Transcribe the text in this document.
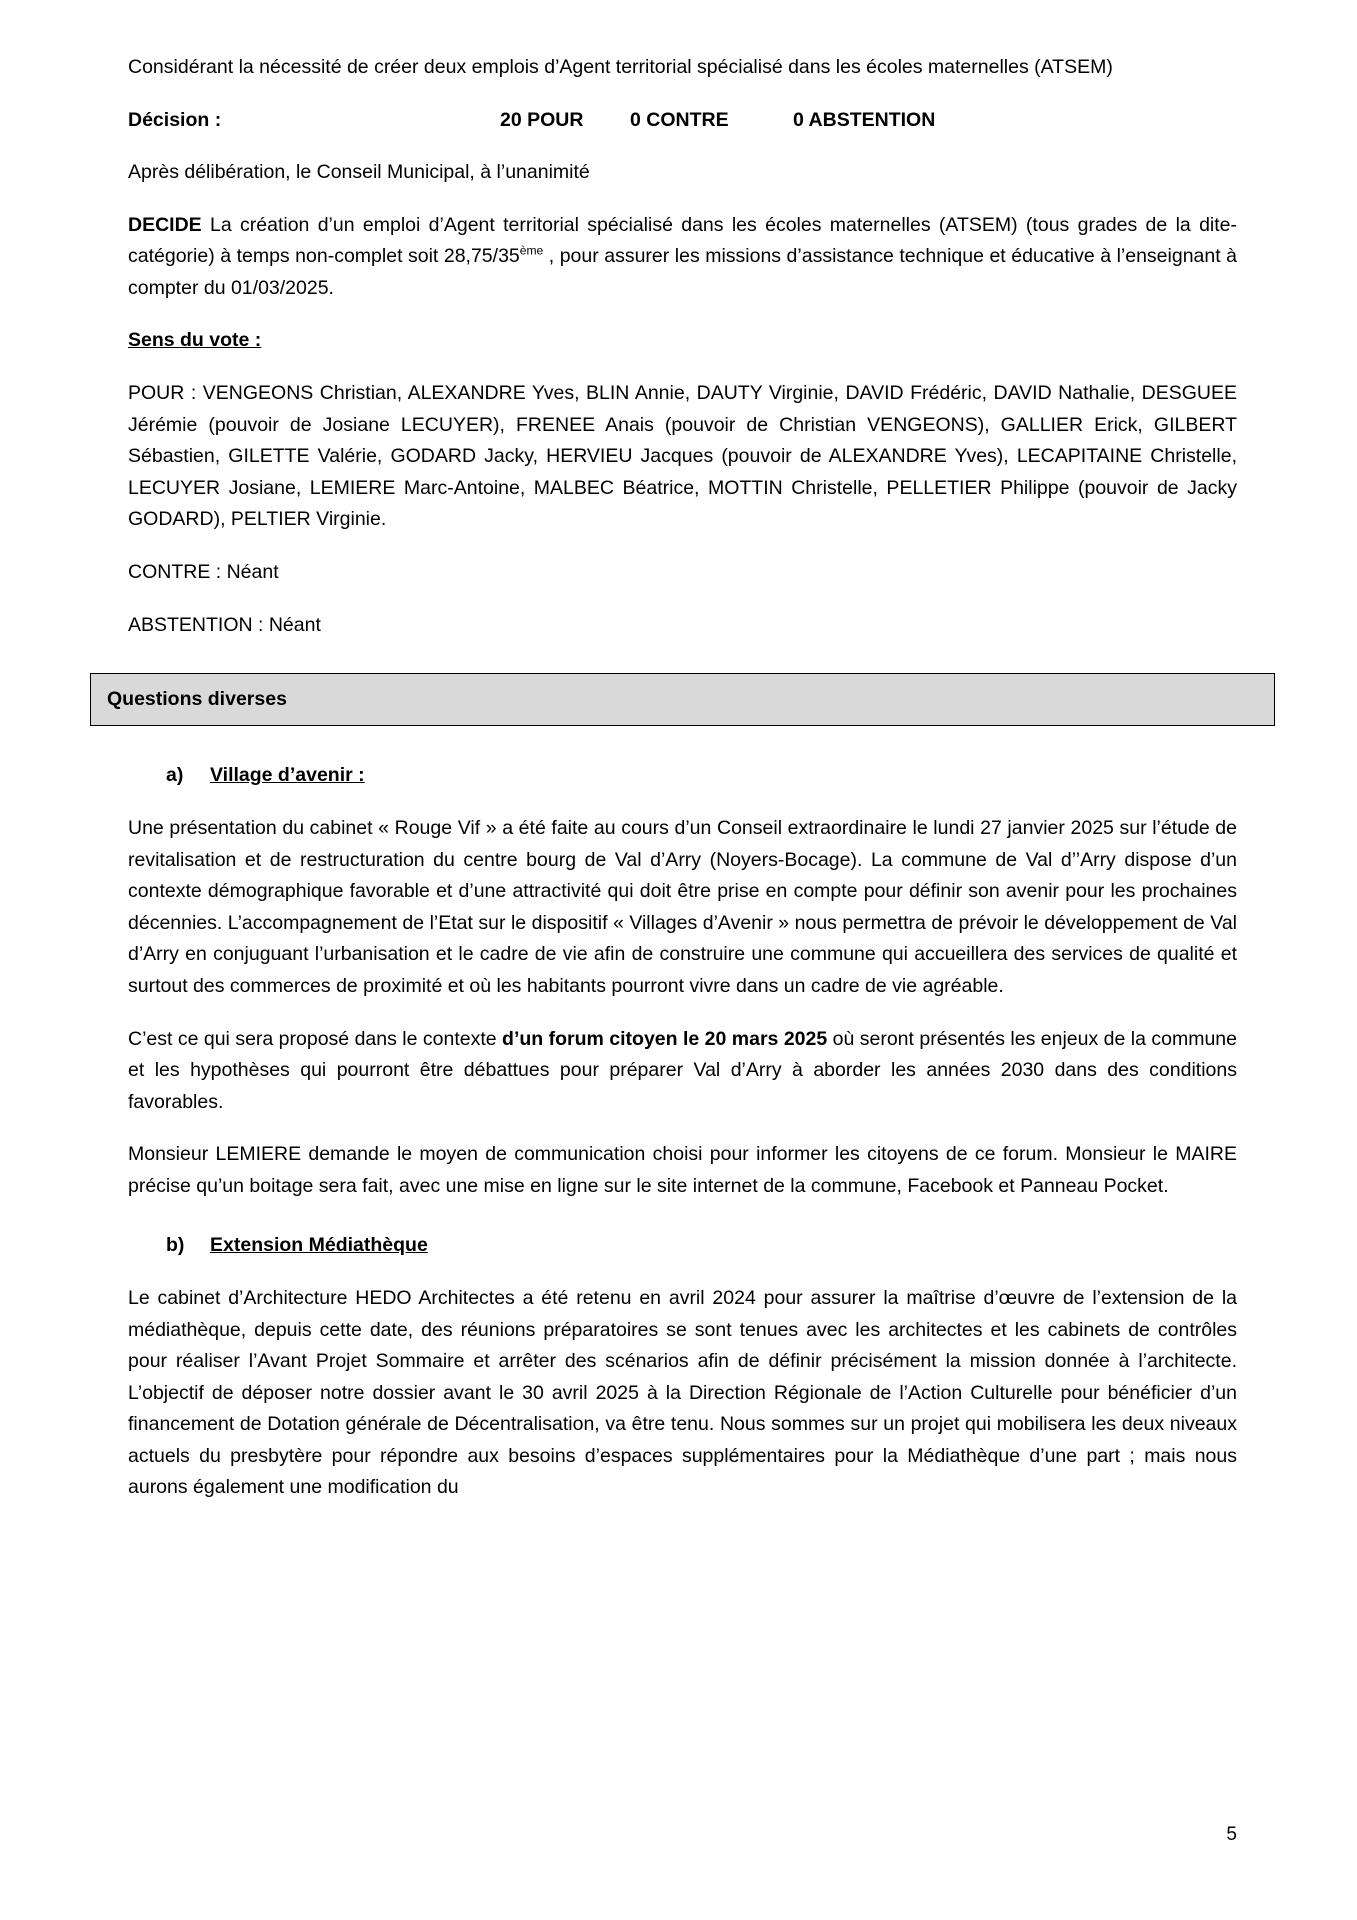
Considérant la nécessité de créer deux emplois d’Agent territorial spécialisé dans les écoles maternelles (ATSEM)

Décision :	20 POUR	0 CONTRE	0 ABSTENTION

Après délibération, le Conseil Municipal, à l’unanimité

DECIDE La création d’un emploi d’Agent territorial spécialisé dans les écoles maternelles (ATSEM) (tous grades de la dite-catégorie) à temps non-complet soit 28,75/35ème , pour assurer les missions d’assistance technique et éducative à l’enseignant à compter du 01/03/2025.

Sens du vote :

POUR : VENGEONS Christian, ALEXANDRE Yves, BLIN Annie, DAUTY Virginie, DAVID Frédéric, DAVID Nathalie, DESGUEE Jérémie (pouvoir de Josiane LECUYER), FRENEE Anais (pouvoir de Christian VENGEONS), GALLIER Erick, GILBERT Sébastien, GILETTE Valérie, GODARD Jacky, HERVIEU Jacques (pouvoir de ALEXANDRE Yves), LECAPITAINE Christelle, LECUYER Josiane, LEMIERE Marc-Antoine, MALBEC Béatrice, MOTTIN Christelle, PELLETIER Philippe (pouvoir de Jacky GODARD), PELTIER Virginie.

CONTRE : Néant

ABSTENTION : Néant

Questions diverses
a)	Village d’avenir :

Une présentation du cabinet « Rouge Vif » a été faite au cours d’un Conseil extraordinaire le lundi 27 janvier 2025 sur l’étude de revitalisation et de restructuration du centre bourg de Val d’Arry (Noyers-Bocage). La commune de Val d’’Arry dispose d’un contexte démographique favorable et d’une attractivité qui doit être prise en compte pour définir son avenir pour les prochaines décennies. L’accompagnement de l’Etat sur le dispositif « Villages d’Avenir » nous permettra de prévoir le développement de Val d’Arry en conjuguant l’urbanisation et le cadre de vie afin de construire une commune qui accueillera des services de qualité et surtout des commerces de proximité et où les habitants pourront vivre dans un cadre de vie agréable.

C’est ce qui sera proposé dans le contexte d’un forum citoyen le 20 mars 2025 où seront présentés les enjeux de la commune et les hypothèses qui pourront être débattues pour préparer Val d’Arry à aborder les années 2030 dans des conditions favorables.

Monsieur LEMIERE demande le moyen de communication choisi pour informer les citoyens de ce forum. Monsieur le MAIRE précise qu’un boitage sera fait, avec une mise en ligne sur le site internet de la commune, Facebook et Panneau Pocket.

b)	Extension Médiathèque

Le cabinet d’Architecture HEDO Architectes a été retenu en avril 2024 pour assurer la maîtrise d’œuvre de l’extension de la médiathèque, depuis cette date, des réunions préparatoires se sont tenues avec les architectes et les cabinets de contrôles pour réaliser l’Avant Projet Sommaire et arrêter des scénarios afin de définir précisément la mission donnée à l’architecte. L’objectif de déposer notre dossier avant le 30 avril 2025 à la Direction Régionale de l’Action Culturelle pour bénéficier d’un financement de Dotation générale de Décentralisation, va être tenu. Nous sommes sur un projet qui mobilisera les deux niveaux actuels du presbytère pour répondre aux besoins d’espaces supplémentaires pour la Médiathèque d’une part ; mais nous aurons également une modification du

5
